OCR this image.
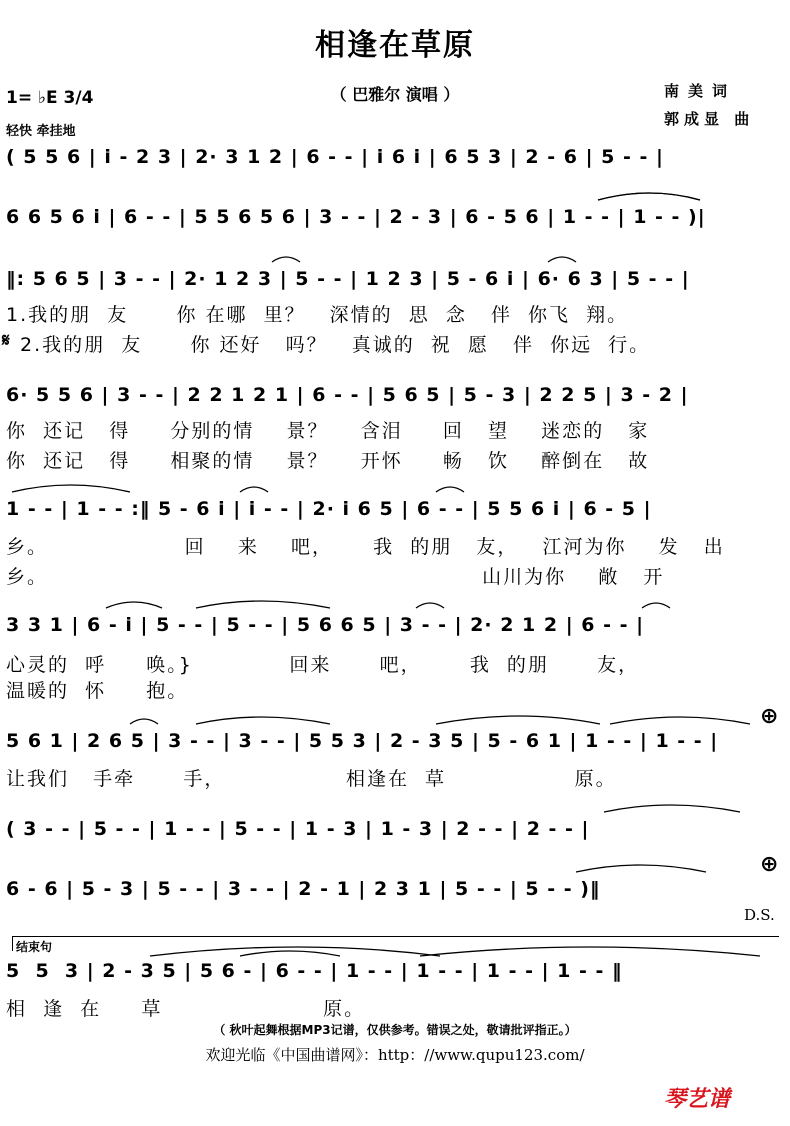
相逢在草原
（ 巴雅尔 演唱 ）
1= ♭E 3/4
轻快 牵挂地
南美词
郭成显 曲
( 5 5 6 | i - 2 3 | 2· 3 1 2 | 6 - - | i 6 i | 6 5 3 | 2 - 6 | 5 - - |
6 6 5 6 i | 6 - - | 5 5 6 5 6 | 3 - - | 2 - 3 | 6 - 5 6 | 1 - - | 1 - - )|
‖: 5 6 5 | 3 - - | 2· 1 2 3 | 5 - - | 1 2 3 | 5 - 6 i | 6· 6 3 | 5 - - |
1.我的朋  友      你 在哪  里？   深情的  思  念   伴  你飞  翔。
2.我的朋  友      你 还好   吗？   真诚的  祝  愿   伴  你远  行。
𝄋
6· 5 5 6 | 3 - - | 2 2 1 2 1 | 6 - - | 5 6 5 | 5 - 3 | 2 2 5 | 3 - 2 |
你  还记   得     分别的情    景？    含泪     回   望    迷恋的   家
你  还记   得     相聚的情    景？    开怀     畅   饮    醉倒在   故
1 - - | 1 - - :‖ 5 - 6 i | i - - | 2· i 6 5 | 6 - - | 5 5 6 i | 6 - 5 |
乡。                 回    来    吧，     我  的朋   友，   江河为你    发   出
乡。                                                      山川为你    敞   开
3 3 1 | 6 - i | 5 - - | 5 - - | 5 6 6 5 | 3 - - | 2· 2 1 2 | 6 - - |
心灵的  呼     唤。}            回来      吧，      我  的朋      友，
温暖的  怀     抱。
⊕
5 6 1 | 2 6 5 | 3 - - | 3 - - | 5 5 3 | 2 - 3 5 | 5 - 6 1 | 1 - - | 1 - - |
让我们   手牵      手，               相逢在  草                原。
( 3 - - | 5 - - | 1 - - | 5 - - | 1 - 3 | 1 - 3 | 2 - - | 2 - - |
⊕
6 - 6 | 5 - 3 | 5 - - | 3 - - | 2 - 1 | 2 3 1 | 5 - - | 5 - - )‖
D.S.
结束句
5  5  3 | 2 - 3 5 | 5 6 - | 6 - - | 1 - - | 1 - - | 1 - - | 1 - - ‖
相  逢  在     草                    原。
（ 秋叶起舞根据MP3记谱，仅供参考。错误之处，敬请批评指正。）
欢迎光临《中国曲谱网》：http：//www.qupu123.com/
琴艺谱
